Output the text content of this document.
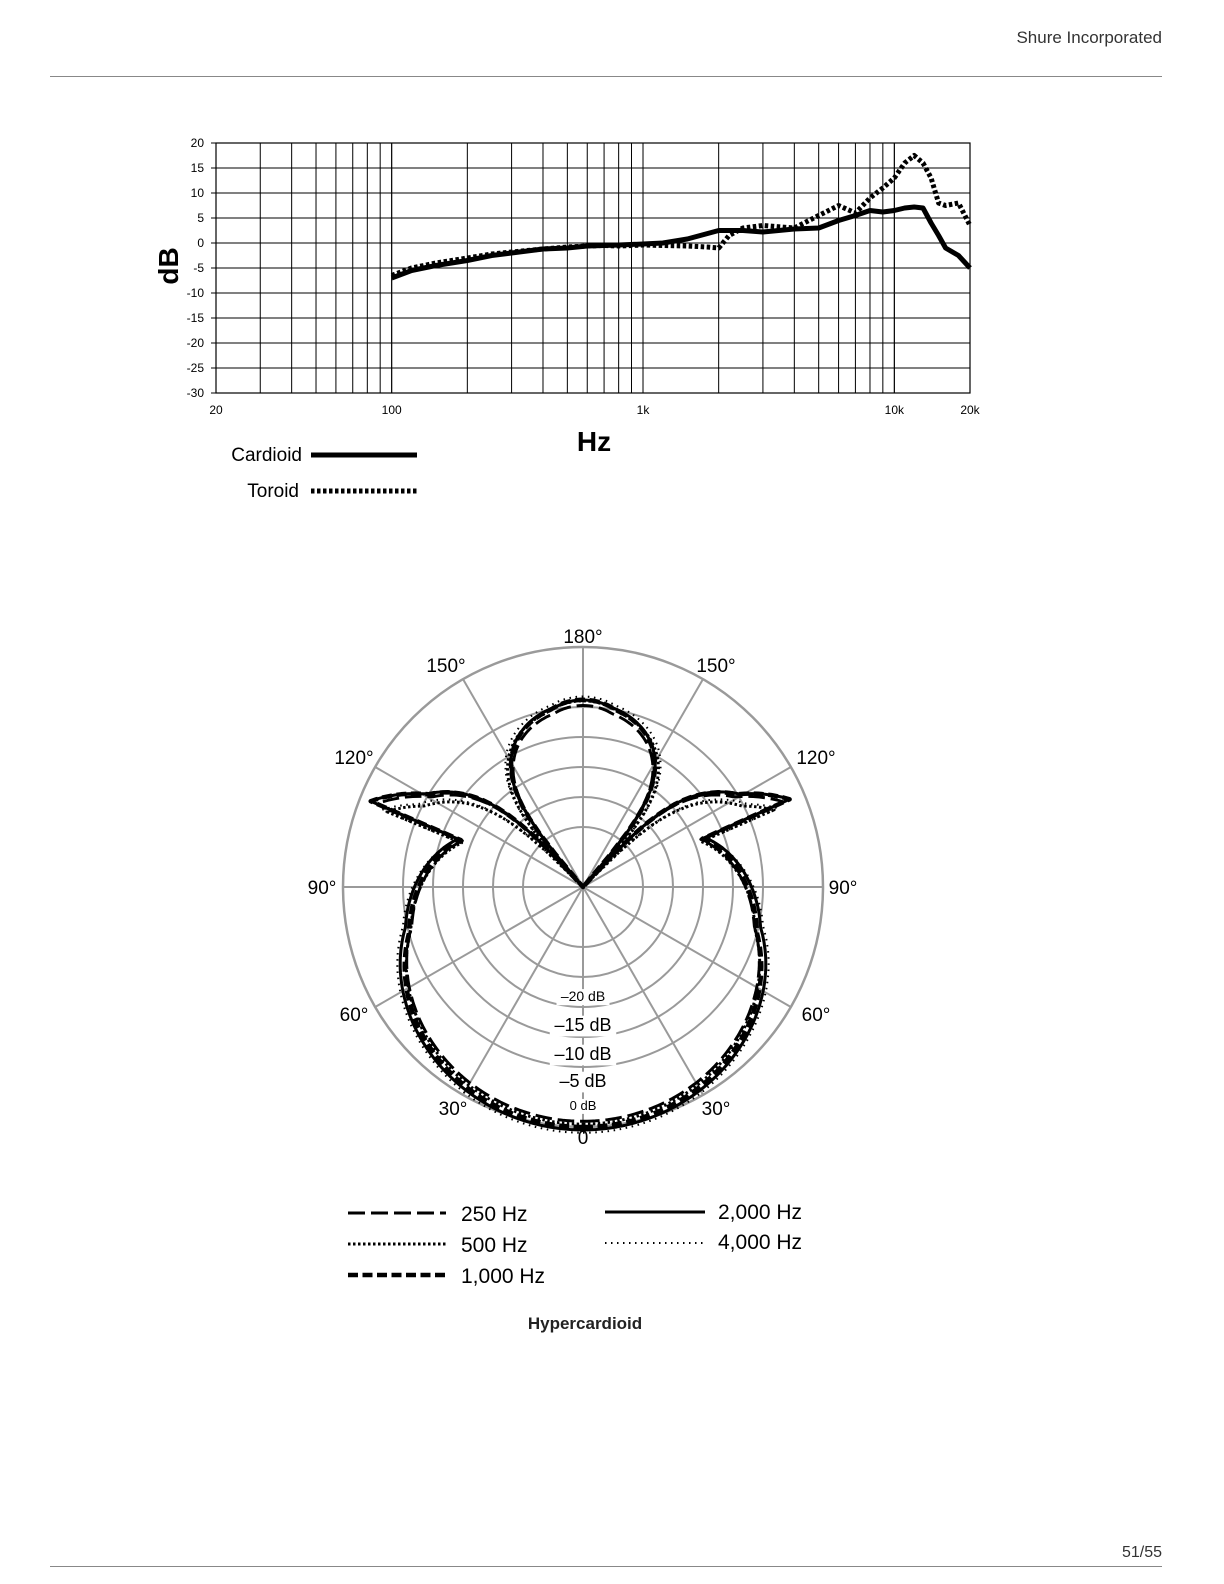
Shure Incorporated
20
15
10
5
0
-5
-10
-15
-20
-25
-30
20	100	1k	10k	20k
dB
Hz
Cardioid
Toroid
–20 dB
–15 dB
–10 dB
–5 dB
0 dB
180°
150°	150°
120°	120°
90°	90°
60°	60°
30°	30°
0
250 Hz
500 Hz
1,000 Hz
2,000 Hz
4,000 Hz
Hypercardioid
51/55
